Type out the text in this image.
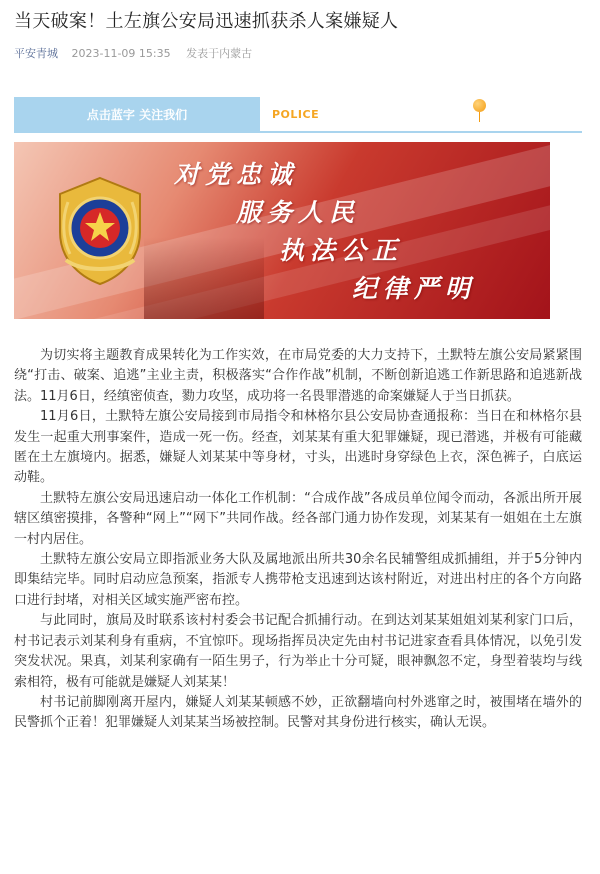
当天破案！土左旗公安局迅速抓获杀人案嫌疑人
平安青城 2023-11-09 15:35 发表于内蒙古
点击蓝字 关注我们	POLICE
对党忠诚
服务人民
执法公正
纪律严明

为切实将主题教育成果转化为工作实效，在市局党委的大力支持下，土默特左旗公安局紧紧围绕“打击、破案、追逃”主业主责，积极落实“合作作战”机制，不断创新追逃工作新思路和追逃新战法。11月6日，经缜密侦查，勠力攻坚，成功将一名畏罪潜逃的命案嫌疑人于当日抓获。

11月6日，土默特左旗公安局接到市局指令和林格尔县公安局协查通报称：当日在和林格尔县发生一起重大刑事案件，造成一死一伤。经查，刘某某有重大犯罪嫌疑，现已潜逃，并极有可能藏匿在土左旗境内。据悉，嫌疑人刘某某中等身材，寸头，出逃时身穿绿色上衣，深色裤子，白底运动鞋。

土默特左旗公安局迅速启动一体化工作机制：“合成作战”各成员单位闻令而动，各派出所开展辖区缜密摸排，各警种“网上”“网下”共同作战。经各部门通力协作发现，刘某某有一姐姐在土左旗一村内居住。

土默特左旗公安局立即指派业务大队及属地派出所共30余名民辅警组成抓捕组，并于5分钟内即集结完毕。同时启动应急预案，指派专人携带枪支迅速到达该村附近，对进出村庄的各个方向路口进行封堵，对相关区域实施严密布控。

与此同时，旗局及时联系该村村委会书记配合抓捕行动。在到达刘某某姐姐刘某利家门口后，村书记表示刘某利身有重病，不宜惊吓。现场指挥员决定先由村书记进家查看具体情况，以免引发突发状况。果真，刘某利家确有一陌生男子，行为举止十分可疑，眼神飘忽不定，身型着装均与线索相符，极有可能就是嫌疑人刘某某！

村书记前脚刚离开屋内，嫌疑人刘某某顿感不妙，正欲翻墙向村外逃窜之时，被围堵在墙外的民警抓个正着！犯罪嫌疑人刘某某当场被控制。民警对其身份进行核实，确认无误。
